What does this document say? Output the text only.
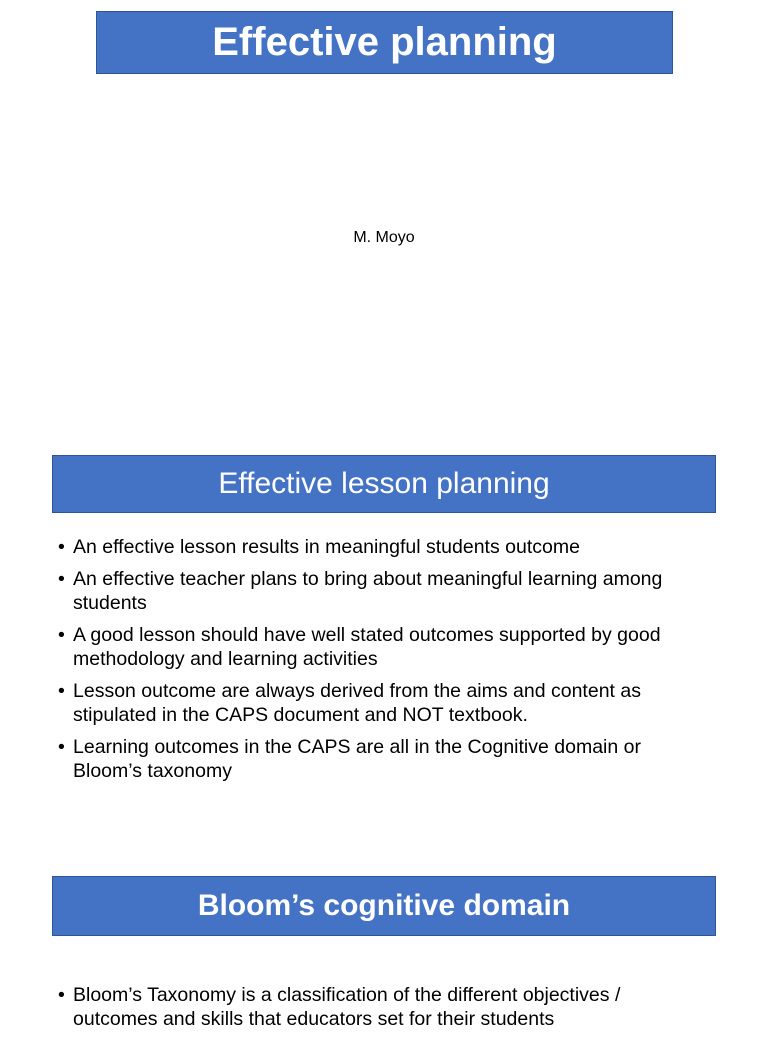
Effective planning
M. Moyo
Effective lesson planning
• An effective lesson results in meaningful students outcome
• An effective teacher plans to bring about meaningful learning among students
• A good lesson should have well stated outcomes supported by good methodology and learning activities
• Lesson outcome are always derived from the aims and content as stipulated in the CAPS document and NOT textbook.
• Learning outcomes in the CAPS are all in the Cognitive domain or Bloom’s taxonomy
Bloom’s cognitive domain
• Bloom’s Taxonomy is a classification of the different objectives / outcomes and skills that educators set for their students
